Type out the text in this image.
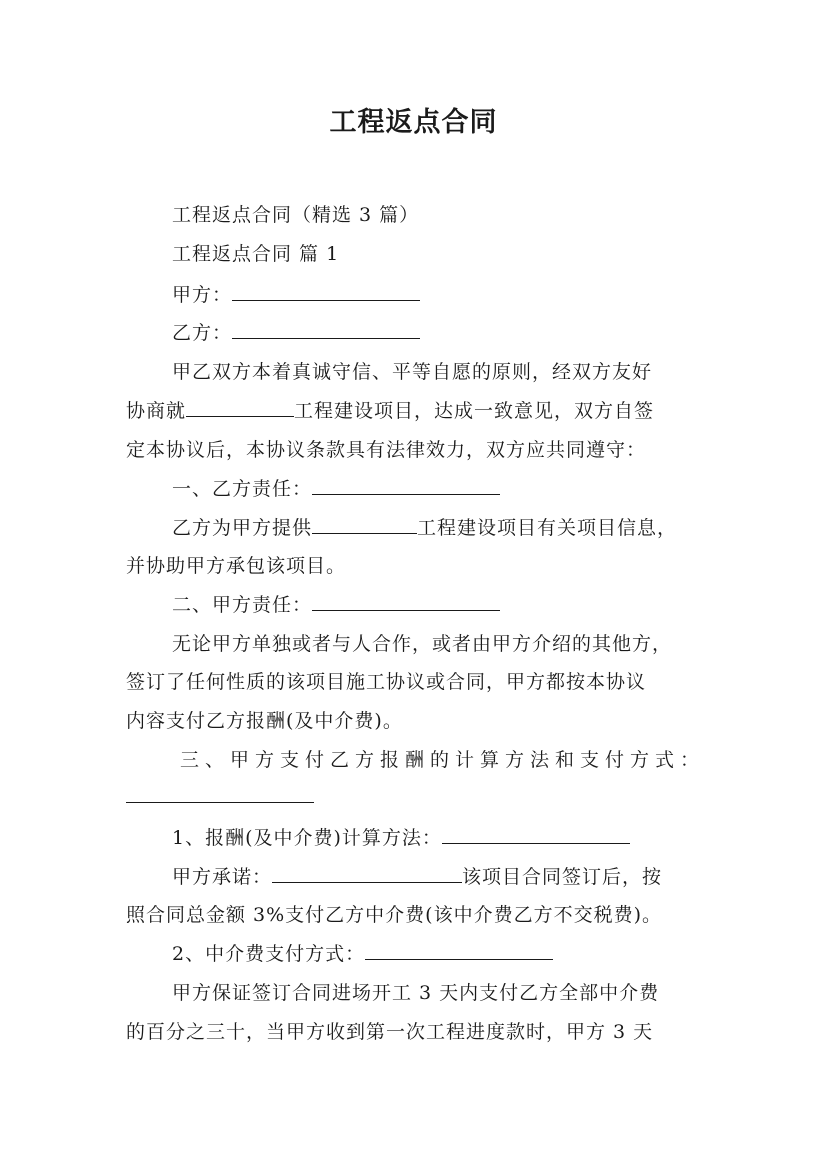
工程返点合同
工程返点合同（精选 3 篇）
工程返点合同 篇 1
甲方：
乙方：
甲乙双方本着真诚守信、平等自愿的原则，经双方友好
协商就	工程建设项目，达成一致意见，双方自签
定本协议后，本协议条款具有法律效力，双方应共同遵守：
一、乙方责任：
乙方为甲方提供	工程建设项目有关项目信息，
并协助甲方承包该项目。
二、甲方责任：
无论甲方单独或者与人合作，或者由甲方介绍的其他方，
签订了任何性质的该项目施工协议或合同，甲方都按本协议
内容支付乙方报酬(及中介费)。
三、甲方支付乙方报酬的计算方法和支付方式：
1、报酬(及中介费)计算方法：
甲方承诺：	该项目合同签订后，按
照合同总金额 3%支付乙方中介费(该中介费乙方不交税费)。
2、中介费支付方式：
甲方保证签订合同进场开工 3 天内支付乙方全部中介费
的百分之三十，当甲方收到第一次工程进度款时，甲方 3 天
